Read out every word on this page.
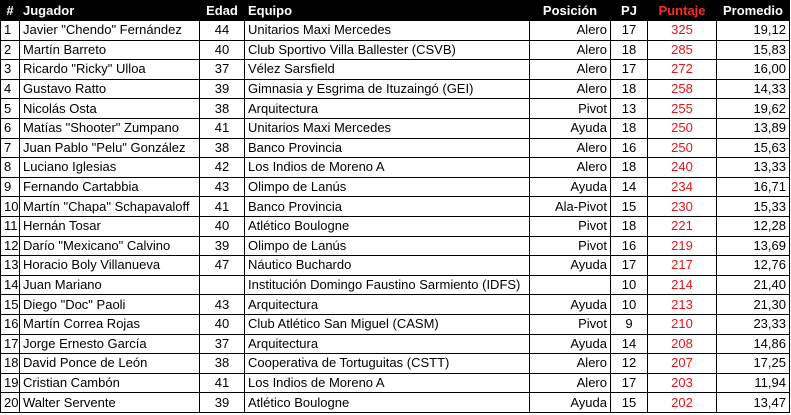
#	Jugador	Edad	Equipo	Posición	PJ	Puntaje	Promedio
1	Javier "Chendo" Fernández	44	Unitarios Maxi Mercedes	Alero	17	325	19,12
2	Martín Barreto	40	Club Sportivo Villa Ballester (CSVB)	Alero	18	285	15,83
3	Ricardo "Ricky" Ulloa	37	Vélez Sarsfield	Alero	17	272	16,00
4	Gustavo Ratto	39	Gimnasia y Esgrima de Ituzaingó (GEI)	Alero	18	258	14,33
5	Nicolás Osta	38	Arquitectura	Pivot	13	255	19,62
6	Matías "Shooter" Zumpano	41	Unitarios Maxi Mercedes	Ayuda	18	250	13,89
7	Juan Pablo "Pelu" González	38	Banco Provincia	Alero	16	250	15,63
8	Luciano Iglesias	42	Los Indios de Moreno A	Alero	18	240	13,33
9	Fernando Cartabbia	43	Olimpo de Lanús	Ayuda	14	234	16,71
10	Martín "Chapa" Schapavaloff	41	Banco Provincia	Ala-Pivot	15	230	15,33
11	Hernán Tosar	40	Atlético Boulogne	Pivot	18	221	12,28
12	Darío "Mexicano" Calvino	39	Olimpo de Lanús	Pivot	16	219	13,69
13	Horacio Boly Villanueva	47	Náutico Buchardo	Ayuda	17	217	12,76
14	Juan Mariano		Institución Domingo Faustino Sarmiento (IDFS)		10	214	21,40
15	Diego "Doc" Paoli	43	Arquitectura	Ayuda	10	213	21,30
16	Martín Correa Rojas	40	Club Atlético San Miguel (CASM)	Pivot	9	210	23,33
17	Jorge Ernesto García	37	Arquitectura	Ayuda	14	208	14,86
18	David Ponce de León	38	Cooperativa de Tortuguitas (CSTT)	Alero	12	207	17,25
19	Cristian Cambón	41	Los Indios de Moreno A	Alero	17	203	11,94
20	Walter Servente	39	Atlético Boulogne	Ayuda	15	202	13,47
